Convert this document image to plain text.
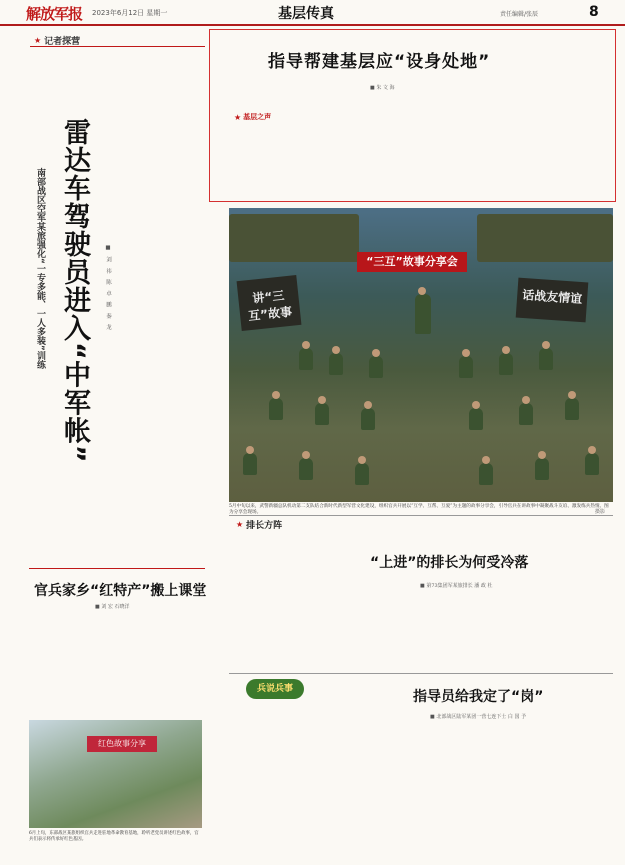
解放军报 2023年6月12日 星期一	基层传真	责任编辑/张辰	8
★ 记者探营
雷达车驾驶员进入“中军帐”
南部战区空军某旅强化“一专多能、一人多装”训练	■ 刘 祎 陈 卓 鹏 秦 龙
指导帮建基层应“设身处地”
■ 朱 文 海
★ 基层之声
“三互”故事分享会
讲“三互”故事
话战友情谊
5月中旬以来，武警新疆总队机动第二支队结合新时代新型军营文化建设，组织官兵开展以“互学、互帮、互爱”为主题的故事分享会，引导官兵在讲故事中凝聚战斗友谊、激发练兵热情。图为分享会现场。	摄影
★ 排长方阵
“上进”的排长为何受冷落
■ 第73集团军某旅排长 潘 政 杜
官兵家乡“红特产”搬上课堂
■ 刘 宏 石晓洋
红色故事分享
6月上旬，东部战区某旅组织官兵走进驻地革命教育基地，聆听老党员讲述红色故事，官兵们表示将传承好红色基因。
兵说兵事	指导员给我定了“岗”
■ 北部战区陆军某团一营七连下士 白 国 予
